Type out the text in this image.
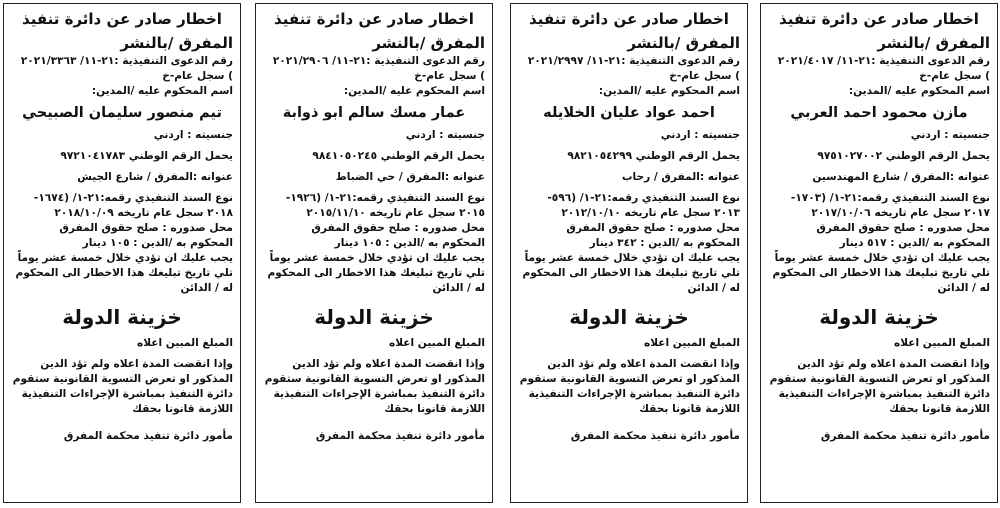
اخطار صادر عن دائرة تنفيذ
المفرق /بالنشر
رقم الدعوى التنفيذية :٢١-١١/ ٢٠٢١/٤٠١٧
) سجل عام-خ
اسم المحكوم عليه /المدين:
مازن محمود احمد العربي
جنسيته : اردني
يحمل الرقم الوطني ٩٧٥١٠٢٧٠٠٢
عنوانه :المفرق / شارع المهندسين
نوع السند التنفيذي رقمه:٢١-١/ (١٧٠٣-
٢٠١٧ سجل عام تاريخه ٢٠١٧/١٠/٠٦
محل صدوره : صلح حقوق المفرق
المحكوم به /الدين : ٥١٧ دينار
يجب عليك ان تؤدي خلال خمسة عشر يوماً
تلي تاريخ تبليغك هذا الاخطار الى المحكوم
له / الدائن
خزينة الدولة
المبلغ المبين اعلاه
وإذا انقضت المدة اعلاه ولم تؤد الدين
المذكور او تعرض التسوية القانونية ستقوم
دائرة التنفيذ بمباشرة الإجراءات التنفيذية
اللازمة قانونا بحقك
مأمور دائرة تنفيذ محكمة المفرق
اخطار صادر عن دائرة تنفيذ
المفرق /بالنشر
رقم الدعوى التنفيذية :٢١-١١/ ٢٠٢١/٢٩٩٧
) سجل عام-خ
اسم المحكوم عليه /المدين:
احمد عواد عليان الخلايله
جنسيته : اردني
يحمل الرقم الوطني ٩٨٢١٠٥٤٢٩٩
عنوانه :المفرق / رحاب
نوع السند التنفيذي رقمه:٢١-١/ (٥٩٦-
٢٠١٣ سجل عام تاريخه ٢٠١٢/١٠/١٠
محل صدوره : صلح حقوق المفرق
المحكوم به /الدين : ٣٤٢ دينار
يجب عليك ان تؤدي خلال خمسة عشر يوماً
تلي تاريخ تبليغك هذا الاخطار الى المحكوم
له / الدائن
خزينة الدولة
المبلغ المبين اعلاه
وإذا انقضت المدة اعلاه ولم تؤد الدين
المذكور او تعرض التسوية القانونية ستقوم
دائرة التنفيذ بمباشرة الإجراءات التنفيذية
اللازمة قانونا بحقك
مأمور دائرة تنفيذ محكمة المفرق
اخطار صادر عن دائرة تنفيذ
المفرق /بالنشر
رقم الدعوى التنفيذية :٢١-١١/ ٢٠٢١/٢٩٠٦
) سجل عام-خ
اسم المحكوم عليه /المدين:
عمار مسك سالم ابو ذوابة
جنسيته : اردني
يحمل الرقم الوطني ٩٨٤١٠٥٠٢٤٥
عنوانه :المفرق / حي الضباط
نوع السند التنفيذي رقمه:٢١-١/ (١٩٢٦-
٢٠١٥ سجل عام تاريخه ٢٠١٥/١١/١٠
محل صدوره : صلح حقوق المفرق
المحكوم به /الدين : ١٠٥ دينار
يجب عليك ان تؤدي خلال خمسة عشر يوماً
تلي تاريخ تبليغك هذا الاخطار الى المحكوم
له / الدائن
خزينة الدولة
المبلغ المبين اعلاه
وإذا انقضت المدة اعلاه ولم تؤد الدين
المذكور او تعرض التسوية القانونية ستقوم
دائرة التنفيذ بمباشرة الإجراءات التنفيذية
اللازمة قانونا بحقك
مأمور دائرة تنفيذ محكمة المفرق
اخطار صادر عن دائرة تنفيذ
المفرق /بالنشر
رقم الدعوى التنفيذية :٢١-١١/ ٢٠٢١/٣٣٦٣
) سجل عام-خ
اسم المحكوم عليه /المدين:
تيم منصور سليمان الصبيحي
جنسيته : اردني
يحمل الرقم الوطني ٩٧٢١٠٤١٧٨٣
عنوانه :المفرق / شارع الجيش
نوع السند التنفيذي رقمه:٢١-١/ (١٦٧٤-
٢٠١٨ سجل عام تاريخه ٢٠١٨/١٠/٠٩
محل صدوره : صلح حقوق المفرق
المحكوم به /الدين : ١٠٥ دينار
يجب عليك ان تؤدي خلال خمسة عشر يوماً
تلي تاريخ تبليغك هذا الاخطار الى المحكوم
له / الدائن
خزينة الدولة
المبلغ المبين اعلاه
وإذا انقضت المدة اعلاه ولم تؤد الدين
المذكور او تعرض التسوية القانونية ستقوم
دائرة التنفيذ بمباشرة الإجراءات التنفيذية
اللازمة قانونا بحقك
مأمور دائرة تنفيذ محكمة المفرق
